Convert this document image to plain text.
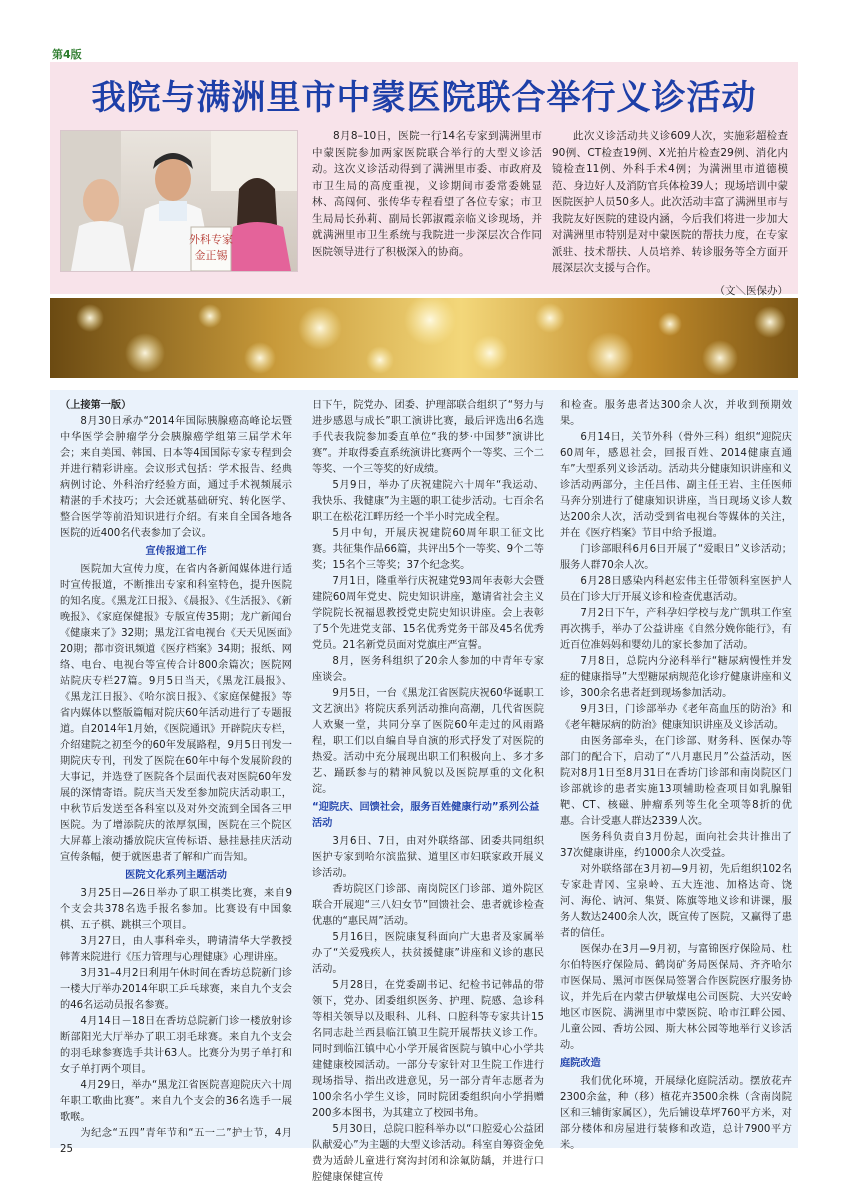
第4版
我院与满洲里市中蒙医院联合举行义诊活动
外科专家
金正锡

8月8–10日，医院一行14名专家到满洲里市中蒙医院参加两家医院联合举行的大型义诊活动。这次义诊活动得到了满洲里市委、市政府及市卫生局的高度重视，义诊期间市委常委姚显林、高闯何、张传华专程看望了各位专家；市卫生局局长孙莉、副局长郭淑霞亲临义诊现场，并就满洲里市卫生系统与我院进一步深层次合作同医院领导进行了积极深入的协商。

此次义诊活动共义诊609人次，实施彩超检查90例、CT检查19例、X光拍片检查29例、消化内镜检查11例、外科手术4例；为满洲里市道德模范、身边好人及消防官兵体检39人；现场培训中蒙医院医护人员50多人。此次活动丰富了满洲里市与我院友好医院的建设内涵，今后我们将进一步加大对满洲里市特别是对中蒙医院的帮扶力度，在专家派驻、技术帮扶、人员培养、转诊服务等全方面开展深层次支援与合作。

（文＼医保办）

（上接第一版）

8月30日承办“2014年国际胰腺癌高峰论坛暨中华医学会肿瘤学分会胰腺癌学组第三届学术年会；来自美国、韩国、日本等4国国际专家专程到会并进行精彩讲座。会议形式包括：学术报告、经典病例讨论、外科治疗经验方面，通过手术视频展示精湛的手术技巧；大会还就基础研究、转化医学、整合医学等前沿知识进行介绍。有来自全国各地各医院的近400名代表参加了会议。

宣传报道工作

医院加大宣传力度，在省内各新闻媒体进行适时宣传报道，不断推出专家和科室特色，提升医院的知名度。《黑龙江日报》、《晨报》、《生活报》、《新晚报》、《家庭保健报》专版宣传35期；龙广新闻台《健康来了》32期；黑龙江省电视台《天天见医面》20期；都市资讯频道《医疗档案》34期；报纸、网络、电台、电视台等宣传合计800余篇次；医院网站院庆专栏27篇。9月5日当天，《黑龙江晨报》、《黑龙江日报》、《哈尔滨日报》、《家庭保健报》等省内媒体以整版篇幅对院庆60年活动进行了专题报道。自2014年1月始，《医院通讯》开辟院庆专栏，介绍建院之初至今的60年发展路程，9月5日刊发一期院庆专刊，刊发了医院在60年中每个发展阶段的大事记，并选登了医院各个层面代表对医院60年发展的深情寄语。院庆当天发至参加院庆活动职工，中秋节后发送至各科室以及对外交流到全国各三甲医院。为了增添院庆的浓厚氛围，医院在三个院区大屏幕上滚动播放院庆宣传标语、悬挂悬挂庆活动宣传条幅，便于就医患者了解和广而告知。

医院文化系列主题活动

3月25日—26日举办了职工棋类比赛，来自9个支会共378名选手报名参加。比赛设有中国象棋、五子棋、跳棋三个项目。

3月27日，由人事科牵头，聘请清华大学教授韩菁来院进行《压力管理与心理健康》心理讲座。

3月31–4月2日利用午休时间在香坊总院新门诊一楼大厅举办2014年职工乒乓球赛，来自九个支会的46名运动员报名参赛。

4月14日－18日在香坊总院新门诊一楼放射诊断部阳光大厅举办了职工羽毛球赛。来自九个支会的羽毛球参赛选手共计63人。比赛分为男子单打和女子单打两个项目。

4月29日，举办“黑龙江省医院喜迎院庆六十周年职工歌曲比赛”。来自九个支会的36名选手一展歌喉。

为纪念“五四”青年节和“五一二”护士节，4月25

日下午，院党办、团委、护理部联合组织了“努力与进步感恩与成长”职工演讲比赛，最后评选出6名选手代表我院参加委直单位“我的梦·中国梦”演讲比赛”。并取得委直系统演讲比赛两个一等奖、三个二等奖、一个三等奖的好成绩。

5月9日，举办了庆祝建院六十周年“我运动、我快乐、我健康”为主题的职工徒步活动。七百余名职工在松花江畔历经一个半小时完成全程。

5月中旬，开展庆祝建院60周年职工征文比赛。共征集作品66篇，共评出5个一等奖、9个二等奖；15名个三等奖；37个纪念奖。

7月1日，隆重举行庆祝建党93周年表彰大会暨建院60周年党史、院史知识讲座，邀请省社会主义学院院长祝福恩教授党史院史知识讲座。会上表彰了5个先进党支部、15名优秀党务干部及45名优秀党员。21名新党员面对党旗庄严宣誓。

8月，医务科组织了20余人参加的中青年专家座谈会。

9月5日，一台《黑龙江省医院庆祝60华诞职工文艺演出》将院庆系列活动推向高潮，几代省医院人欢聚一堂，共同分享了医院60年走过的风雨路程，职工们以自编自导自演的形式抒发了对医院的热爱。活动中充分展现出职工们积极向上、多才多艺、踊跃参与的精神风貌以及医院厚重的文化积淀。

“迎院庆、回馈社会，服务百姓健康行动”系列公益活动

3月6日、7日，由对外联络部、团委共同组织医护专家到哈尔滨监狱、道里区市妇联家政开展义诊活动。

香坊院区门诊部、南岗院区门诊部、道外院区联合开展迎“三八妇女节”回馈社会、患者就诊检查优惠的“惠民周”活动。

5月16日，医院康复科面向广大患者及家属举办了“关爱残疾人，扶贫援健康”讲座和义诊的惠民活动。

5月28日，在党委副书记、纪检书记韩晶的带领下，党办、团委组织医务、护理、院感、急诊科等相关领导以及眼科、儿科、口腔科等专家共计15名同志赴兰西县临江镇卫生院开展帮扶义诊工作。同时到临江镇中心小学开展省医院与镇中心小学共建健康校园活动。一部分专家针对卫生院工作进行现场指导、指出改进意见，另一部分青年志愿者为100余名小学生义诊，同时院团委组织向小学捐赠200多本图书，为其建立了校园书角。

5月30日，总院口腔科举办以“口腔爱心公益团队献爱心”为主题的大型义诊活动。科室自筹资金免费为适龄儿童进行窝沟封闭和涂氟防龋，并进行口腔健康保健宣传

和检查。服务患者达300余人次，并收到预期效果。

6月14日，关节外科（骨外三科）组织“迎院庆60周年，感恩社会，回报百姓、2014健康直通车”大型系列义诊活动。活动共分健康知识讲座和义诊活动两部分，主任吕伟、副主任王岩、主任医师马奔分别进行了健康知识讲座，当日现场义诊人数达200余人次，活动受到省电视台等媒体的关注，并在《医疗档案》节目中给予报道。

门诊部眼科6月6日开展了“爱眼日”义诊活动；服务人群70余人次。

6月28日感染内科赵宏伟主任带领科室医护人员在门诊大厅开展义诊和检查优惠活动。

7月2日下午，产科孕妇学校与龙广凯琪工作室再次携手，举办了公益讲座《自然分娩你能行》，有近百位准妈妈和婴幼儿的家长参加了活动。

7月8日，总院内分泌科举行“糖尿病慢性并发症的健康指导”大型糖尿病规范化诊疗健康讲座和义诊，300余名患者赶到现场参加活动。

9月3日，门诊部举办《老年高血压的防治》和《老年糖尿病的防治》健康知识讲座及义诊活动。

由医务部牵头，在门诊部、财务科、医保办等部门的配合下，启动了“八月惠民月”公益活动，医院对8月1日至8月31日在香坊门诊部和南岗院区门诊部就诊的患者实施13项辅助检查项目如乳腺钼靶、CT、核磁、肿瘤系列等生化全项等8折的优惠。合计受惠人群达2339人次。

医务科负责自3月份起，面向社会共计推出了37次健康讲座，约1000余人次受益。

对外联络部在3月初—9月初，先后组织102名专家赴青冈、宝泉岭、五大连池、加格达奇、饶河、海伦、讷河、集贤、陈旗等地义诊和讲课，服务人数达2400余人次，既宣传了医院，又赢得了患者的信任。

医保办在3月—9月初，与富锦医疗保险局、杜尔伯特医疗保险局、鹤岗矿务局医保局、齐齐哈尔市医保局、黑河市医保局签署合作医院医疗服务协议，并先后在内蒙古伊敏煤电公司医院、大兴安岭地区市医院、满洲里市中蒙医院、哈市江畔公园、儿童公园、香坊公园、斯大林公园等地举行义诊活动。

庭院改造

我们优化环境，开展绿化庭院活动。摆放花卉2300余盆，种（移）植花卉3500余株（含南岗院区和三辅街家属区），先后铺设草坪760平方米，对部分楼体和房屋进行装修和改造，总计7900平方米。
